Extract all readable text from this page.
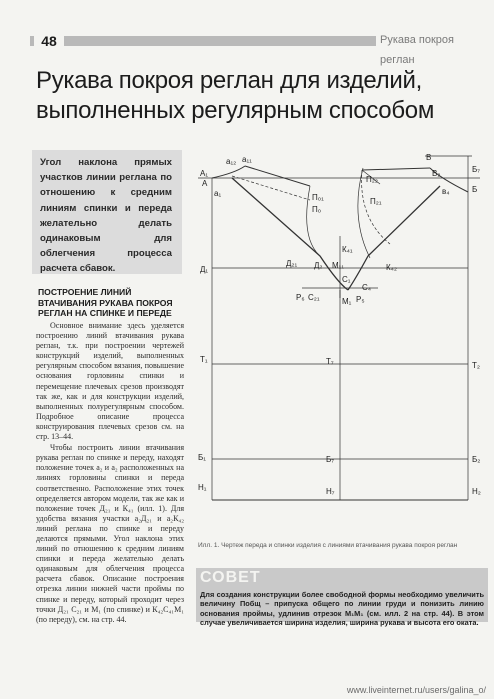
48	Рукава покроя реглан
Рукава покроя реглан для изделий,
выполненных регулярным способом
Угол наклона прямых участков линии реглана по отношению к средним линиям спинки и переда желательно делать одинаковым для облегчения процесса расчета сбавок.
ПОСТРОЕНИЕ ЛИНИЙ ВТАЧИВАНИЯ РУКАВА ПОКРОЯ РЕГЛАН НА СПИНКЕ И ПЕРЕДЕ

Основное внимание здесь уделяется построению линий втачивания рукава реглан, т.к. при построении чертежей конструкций изделий, выполненных регулярным способом вязания, повышение основания горловины спинки и перемещение плечевых срезов производят так же, как и для конструкции изделий, выполненных полурегулярным способом. Подробное описание процесса конструирования плечевых срезов см. на стр. 13–44.

Чтобы построить линии втачивания рукава реглан по спинке и переду, находят положение точек a₂ и a₂ расположенных на линиях горловины спинки и переда соответственно. Расположение этих точек определяется автором модели, так же как и положение точек Д₂₁ и К₄₁ (илл. 1). Для удобства вязания участки a₂Д₂₁ и a₂К₄₂ линий реглана по спинке и переду делаются прямыми. Угол наклона этих линий по отношению к средним линиям спинки и переда желательно делать одинаковым для облегчения процесса расчета сбавок. Описание построения отрезка линии нижней части проймы по спинке и переду, который проходит через точки Д₂₁ С₂₁ и М₁ (по спинке) и К₄₂С₄₁М₁ (по переду), см. на стр. 44.

A₁
A
a₁
a₁₂ a₁₁
П₀₁
П₀
П₂₂
П₂₁
В
В₂	Б₇
Б
в₄
К₄₁
К₄₂
С₁
С₄
Д₂₁ Д₂
Д₁	М₁₁
М₁
Р₆ С₂₁	Р₅
Т₁	Т₇	Т₂
Б₁	Б₇	Б₂
Н₁	Н₇	Н₂
Илл. 1. Чертеж переда и спинки изделия с линиями втачивания рукава покроя реглан
СОВЕТ
Для создания конструкции более свободной формы необходимо увеличить величину Побщ – припуска общего по линии груди и понизить линию основания проймы, удлинив отрезок М₁М₁ (см. илл. 2 на стр. 44). В этом случае увеличивается ширина изделия, ширина рукава и высота его оката.
www.liveinternet.ru/users/galina_o/
